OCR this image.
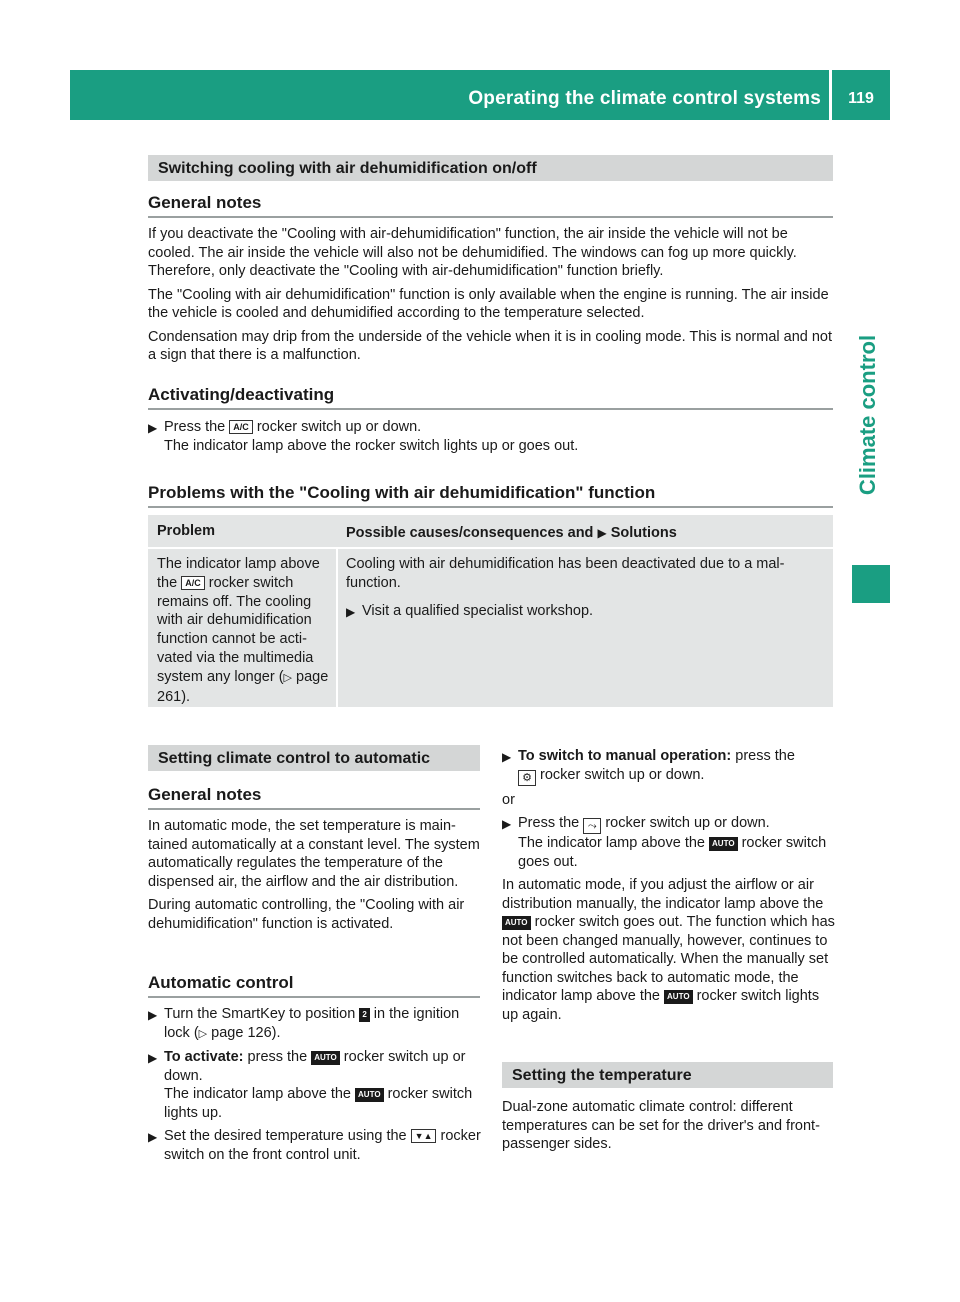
Operating the climate control systems	119
Climate control
Switching cooling with air dehumidification on/off
General notes

If you deactivate the "Cooling with air-dehumidification" function, the air inside the vehicle will not be cooled. The air inside the vehicle will also not be dehumidified. The windows can fog up more quickly. Therefore, only deactivate the "Cooling with air-dehumidification" function briefly.

The "Cooling with air dehumidification" function is only available when the engine is running. The air inside the vehicle is cooled and dehumidified according to the temperature selected.

Condensation may drip from the underside of the vehicle when it is in cooling mode. This is normal and not a sign that there is a malfunction.

Activating/deactivating
▶ Press the A/C rocker switch up or down.
The indicator lamp above the rocker switch lights up or goes out.
Problems with the "Cooling with air dehumidification" function
Problem	Possible causes/consequences and ▶ Solutions
The indicator lamp above the A/C rocker switch remains off. The cooling with air dehumidification function cannot be activated via the multimedia system any longer (▷ page 261).

Cooling with air dehumidification has been deactivated due to a malfunction.

▶ Visit a qualified specialist workshop.
Setting climate control to automatic
General notes

In automatic mode, the set temperature is maintained automatically at a constant level. The system automatically regulates the temperature of the dispensed air, the airflow and the air distribution.

During automatic controlling, the "Cooling with air dehumidification" function is activated.

Automatic control
▶ Turn the SmartKey to position 2 in the ignition lock (▷ page 126).
▶ To activate: press the AUTO rocker switch up or down.
The indicator lamp above the AUTO rocker switch lights up.
▶ Set the desired temperature using the ▼▲ rocker switch on the front control unit.
▶ To switch to manual operation: press the
⚙ rocker switch up or down.

or

▶ Press the ⤳ rocker switch up or down.
The indicator lamp above the AUTO rocker switch goes out.

In automatic mode, if you adjust the airflow or air distribution manually, the indicator lamp above the AUTO rocker switch goes out. The function which has not been changed manually, however, continues to be controlled automatically. When the manually set function switches back to automatic mode, the indicator lamp above the AUTO rocker switch lights up again.

Setting the temperature

Dual-zone automatic climate control: different temperatures can be set for the driver's and front-passenger sides.
